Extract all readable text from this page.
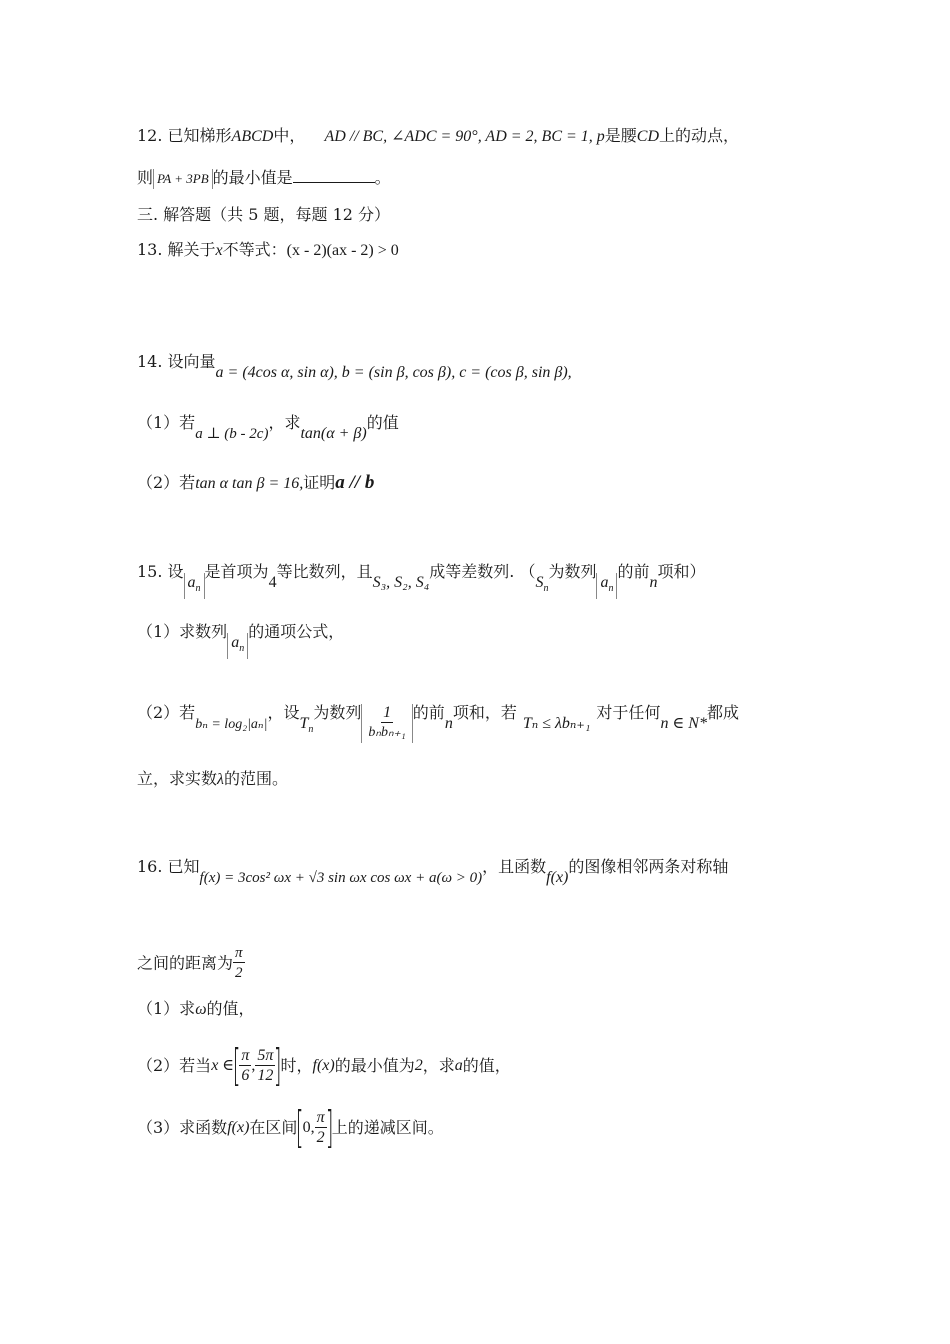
12. 已知梯形ABCD中， AD // BC, ∠ADC = 90°, AD = 2, BC = 1, p是腰CD上的动点，
则 PA + 3PB 的最小值是	。
三. 解答题（共 5 题，每题 12 分）
13. 解关于x不等式：(x - 2)(ax - 2) > 0
14. 设向量a = (4cos α, sin α), b = (sin β, cos β), c = (cos β, sin β),
（1）若a ⊥ (b - 2c)，求tan(α + β)的值
（2）若tan α tan β = 16,证明a // b
15. 设$a_n$是首项为4等比数列，且S₃, S₂, S₄成等差数列. （$S_n$为数列$a_n$的前n项和）
（1）求数列$a_n$的通项公式，
（2）若bₙ = log₂|aₙ|，设$T_n$为数列 $\frac{1}{\text{bₙbₙ₊₁}}$ 的前n项和，若Tₙ ≤ λbₙ₊₁对于任何n ∈ N*都成
立，求实数λ的范围。
16. 已知f(x) = 3cos² ωx + √3 sin ωx cos ωx + a(ω > 0)，且函数f(x)的图像相邻两条对称轴
之间的距离为 $\frac{\pi}{2}$
（1）求ω的值，
（2）若当x ∈[
$\frac{\pi}{6}$ , $\frac{5\pi}{12}$
]时，f(x)的最小值为2，求a的值，
（3）求函数f(x)在区间[0, $\frac{\pi}{2}$
]上的递减区间。
